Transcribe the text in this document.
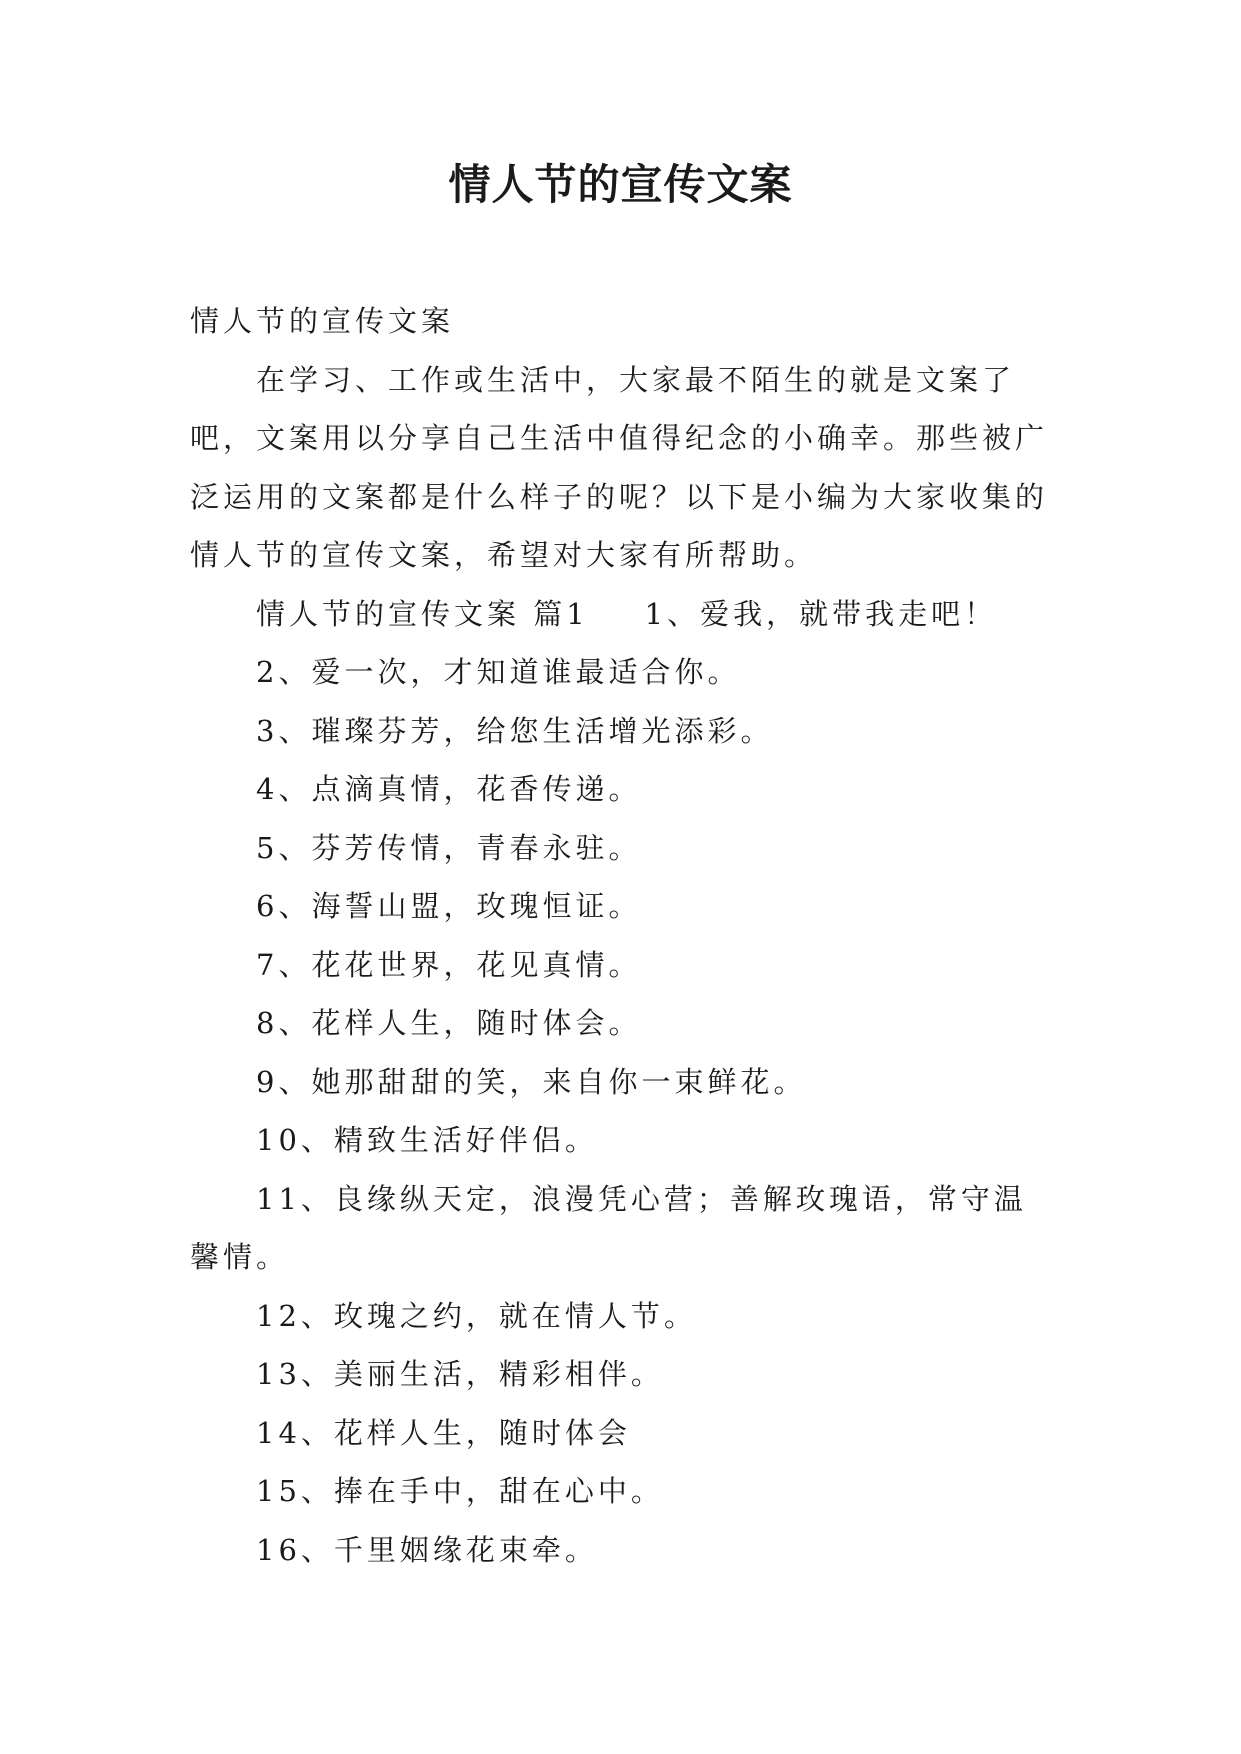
情人节的宣传文案

情人节的宣传文案

在学习、工作或生活中，大家最不陌生的就是文案了吧，文案用以分享自己生活中值得纪念的小确幸。那些被广泛运用的文案都是什么样子的呢？以下是小编为大家收集的情人节的宣传文案，希望对大家有所帮助。

情人节的宣传文案 篇1 1、爱我，就带我走吧！

2、爱一次，才知道谁最适合你。

3、璀璨芬芳，给您生活增光添彩。

4、点滴真情，花香传递。

5、芬芳传情，青春永驻。

6、海誓山盟，玫瑰恒证。

7、花花世界，花见真情。

8、花样人生，随时体会。

9、她那甜甜的笑，来自你一束鲜花。

10、精致生活好伴侣。

11、良缘纵天定，浪漫凭心营；善解玫瑰语，常守温馨情。

12、玫瑰之约，就在情人节。

13、美丽生活，精彩相伴。

14、花样人生，随时体会

15、捧在手中，甜在心中。

16、千里姻缘花束牵。
